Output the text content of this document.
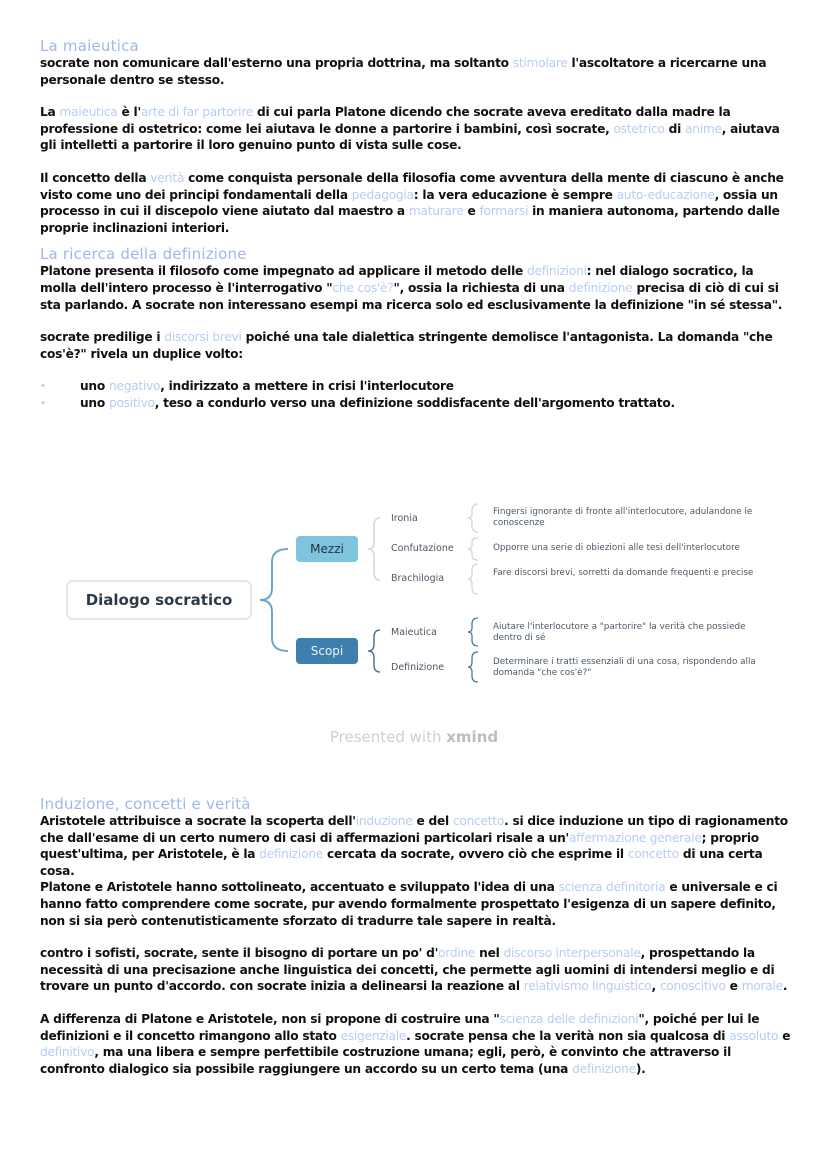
La maieutica

socrate non comunicare dall'esterno una propria dottrina, ma soltanto stimolare l'ascoltatore a ricercarne una personale dentro se stesso.

La maieutica è l'arte di far partorire di cui parla Platone dicendo che socrate aveva ereditato dalla madre la professione di ostetrico: come lei aiutava le donne a partorire i bambini, così socrate, ostetrico di anime, aiutava gli intelletti a partorire il loro genuino punto di vista sulle cose.

Il concetto della verità come conquista personale della filosofia come avventura della mente di ciascuno è anche visto come uno dei principi fondamentali della pedagogia: la vera educazione è sempre auto-educazione, ossia un processo in cui il discepolo viene aiutato dal maestro a maturare e formarsi in maniera autonoma, partendo dalle proprie inclinazioni interiori.

La ricerca della definizione

Platone presenta il filosofo come impegnato ad applicare il metodo delle definizioni: nel dialogo socratico, la molla dell'intero processo è l'interrogativo "che cos'è?", ossia la richiesta di una definizione precisa di ciò di cui si sta parlando. A socrate non interessano esempi ma ricerca solo ed esclusivamente la definizione "in sé stessa".

socrate predilige i discorsi brevi poiché una tale dialettica stringente demolisce l'antagonista. La domanda "che cos'è?" rivela un duplice volto:

•	uno negativo, indirizzato a mettere in crisi l'interlocutore
•	uno positivo, teso a condurlo verso una definizione soddisfacente dell'argomento trattato.
Dialogo socratico
Mezzi
Scopi
Ironia
Confutazione
Brachilogia
Maieutica
Definizione
Fingersi ignorante di fronte all'interlocutore, adulandone le conoscenze
Opporre una serie di obiezioni alle tesi dell'interlocutore
Fare discorsi brevi, sorretti da domande frequenti e precise
Aiutare l'interlocutore a "partorire" la verità che possiede dentro di sé
Determinare i tratti essenziali di una cosa, rispondendo alla domanda "che cos'è?"
Presented with xmind
Induzione, concetti e verità

Aristotele attribuisce a socrate la scoperta dell'induzione e del concetto. si dice induzione un tipo di ragionamento che dall'esame di un certo numero di casi di affermazioni particolari risale a un'affermazione generale; proprio quest'ultima, per Aristotele, è la definizione cercata da socrate, ovvero ciò che esprime il concetto di una certa cosa.

Platone e Aristotele hanno sottolineato, accentuato e sviluppato l'idea di una scienza definitoria e universale e ci hanno fatto comprendere come socrate, pur avendo formalmente prospettato l'esigenza di un sapere definito, non si sia però contenutisticamente sforzato di tradurre tale sapere in realtà.

contro i sofisti, socrate, sente il bisogno di portare un po' d'ordine nel discorso interpersonale, prospettando la necessità di una precisazione anche linguistica dei concetti, che permette agli uomini di intendersi meglio e di trovare un punto d'accordo. con socrate inizia a delinearsi la reazione al relativismo linguistico, conoscitivo e morale.

A differenza di Platone e Aristotele, non si propone di costruire una "scienza delle definizioni", poiché per lui le definizioni e il concetto rimangono allo stato esigenziale. socrate pensa che la verità non sia qualcosa di assoluto e definitivo, ma una libera e sempre perfettibile costruzione umana; egli, però, è convinto che attraverso il confronto dialogico sia possibile raggiungere un accordo su un certo tema (una definizione).
